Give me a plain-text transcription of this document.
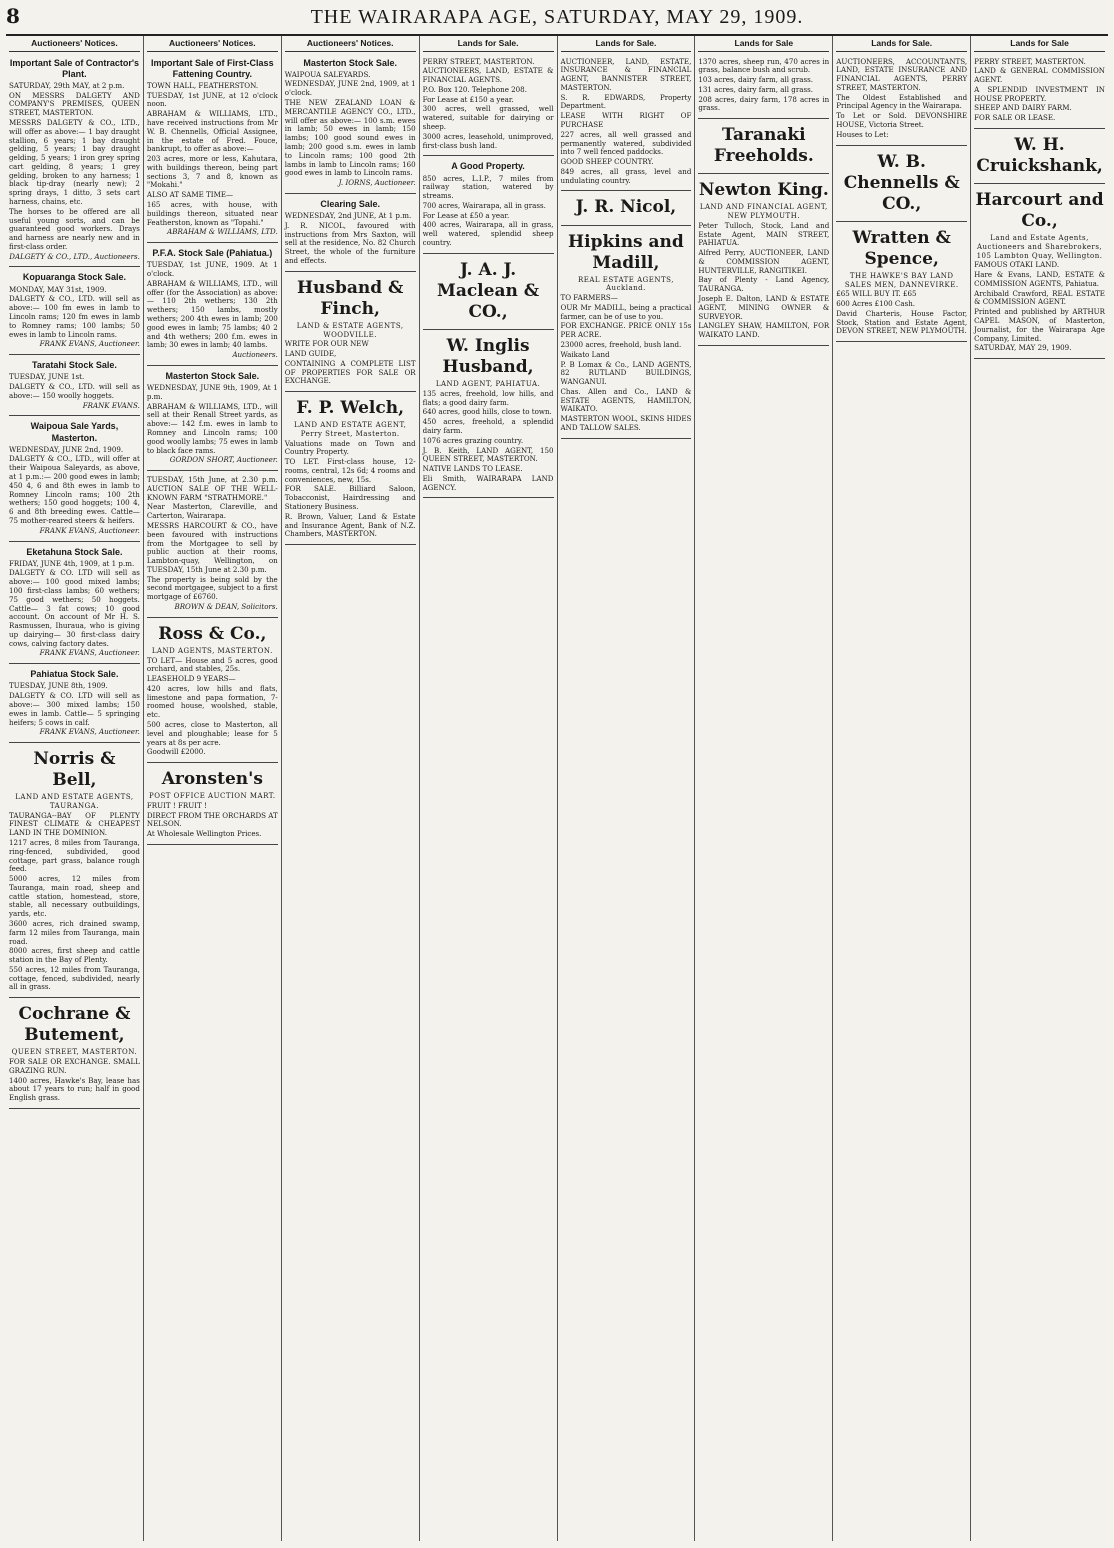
8	THE WAIRARAPA AGE, SATURDAY, MAY 29, 1909.
Auctioneers' Notices.
Important Sale of Contractor's Plant.

SATURDAY, 29th MAY, at 2 p.m.

ON MESSRS DALGETY AND COMPANY'S PREMISES, QUEEN STREET, MASTERTON.

MESSRS DALGETY & CO., LTD., will offer as above:— 1 bay draught stallion, 6 years; 1 bay draught gelding, 5 years; 1 bay draught gelding, 5 years; 1 iron grey spring cart gelding, 8 years; 1 grey gelding, broken to any harness; 1 black tip-dray (nearly new); 2 spring drays, 1 ditto, 3 sets cart harness, chains, etc.

The horses to be offered are all useful young sorts, and can be guaranteed good workers. Drays and harness are nearly new and in first-class order.

DALGETY & CO., LTD., Auctioneers.

Kopuaranga Stock Sale.

MONDAY, MAY 31st, 1909.

DALGETY & CO., LTD. will sell as above:— 100 fm ewes in lamb to Lincoln rams; 120 fm ewes in lamb to Romney rams; 100 lambs; 50 ewes in lamb to Lincoln rams.

FRANK EVANS, Auctioneer.

Taratahi Stock Sale.

TUESDAY, JUNE 1st.

DALGETY & CO., LTD. will sell as above:— 150 woolly hoggets.

FRANK EVANS.

Waipoua Sale Yards, Masterton.

WEDNESDAY, JUNE 2nd, 1909.

DALGETY & CO., LTD., will offer at their Waipoua Saleyards, as above, at 1 p.m.:— 200 good ewes in lamb; 450 4, 6 and 8th ewes in lamb to Romney Lincoln rams; 100 2th wethers; 150 good hoggets; 100 4, 6 and 8th breeding ewes. Cattle— 75 mother-reared steers & heifers.

FRANK EVANS, Auctioneer.

Eketahuna Stock Sale.

FRIDAY, JUNE 4th, 1909, at 1 p.m.

DALGETY & CO. LTD will sell as above:— 100 good mixed lambs; 100 first-class lambs; 60 wethers; 75 good wethers; 50 hoggets. Cattle— 3 fat cows; 10 good account. On account of Mr H. S. Rasmussen, Ihuraua, who is giving up dairying— 30 first-class dairy cows, calving factory dates.

FRANK EVANS, Auctioneer.

Pahiatua Stock Sale.

TUESDAY, JUNE 8th, 1909.

DALGETY & CO. LTD will sell as above:— 300 mixed lambs; 150 ewes in lamb. Cattle— 5 springing heifers; 5 cows in calf.

FRANK EVANS, Auctioneer.

Norris & Bell,
LAND AND ESTATE AGENTS, TAURANGA.

TAURANGA--BAY OF PLENTY FINEST CLIMATE & CHEAPEST LAND IN THE DOMINION.

1217 acres, 8 miles from Tauranga, ring-fenced, subdivided, good cottage, part grass, balance rough feed.

5000 acres, 12 miles from Tauranga, main road, sheep and cattle station, homestead, store, stable, all necessary outbuildings, yards, etc.

3600 acres, rich drained swamp, farm 12 miles from Tauranga, main road.

8000 acres, first sheep and cattle station in the Bay of Plenty.

550 acres, 12 miles from Tauranga, cottage, fenced, subdivided, nearly all in grass.

Cochrane & Butement,
QUEEN STREET, MASTERTON.

FOR SALE OR EXCHANGE. SMALL GRAZING RUN.

1400 acres, Hawke's Bay, lease has about 17 years to run; half in good English grass.

Auctioneers' Notices.
Important Sale of First-Class Fattening Country.

TOWN HALL, FEATHERSTON.

TUESDAY, 1st JUNE, at 12 o'clock noon.

ABRAHAM & WILLIAMS, LTD., have received instructions from Mr W. B. Chennells, Official Assignee, in the estate of Fred. Fouce, bankrupt, to offer as above:—

203 acres, more or less, Kahutara, with buildings thereon, being part sections 3, 7 and 8, known as "Mokahi."

ALSO AT SAME TIME—

165 acres, with house, with buildings thereon, situated near Featherston, known as "Topahi."

ABRAHAM & WILLIAMS, LTD.

P.F.A. Stock Sale (Pahiatua.)

TUESDAY, 1st JUNE, 1909. At 1 o'clock.

ABRAHAM & WILLIAMS, LTD., will offer (for the Association) as above:— 110 2th wethers; 130 2th wethers; 150 lambs, mostly wethers; 200 4th ewes in lamb; 200 good ewes in lamb; 75 lambs; 40 2 and 4th wethers; 200 f.m. ewes in lamb; 30 ewes in lamb; 40 lambs.

Auctioneers.

Masterton Stock Sale.

WEDNESDAY, JUNE 9th, 1909, At 1 p.m.

ABRAHAM & WILLIAMS, LTD., will sell at their Renall Street yards, as above:— 142 f.m. ewes in lamb to Romney and Lincoln rams; 100 good woolly lambs; 75 ewes in lamb to black face rams.

GORDON SHORT, Auctioneer.

TUESDAY, 15th June, at 2.30 p.m. AUCTION SALE OF THE WELL-KNOWN FARM "STRATHMORE."

Near Masterton, Clareville, and Carterton, Wairarapa.

MESSRS HARCOURT & CO., have been favoured with instructions from the Mortgagee to sell by public auction at their rooms, Lambton-quay, Wellington, on TUESDAY, 15th June at 2.30 p.m.

The property is being sold by the second mortgagee, subject to a first mortgage of £6760.

BROWN & DEAN, Solicitors.

Ross & Co.,
LAND AGENTS, MASTERTON.

TO LET— House and 5 acres, good orchard, and stables, 25s.

LEASEHOLD 9 YEARS—

420 acres, low hills and flats, limestone and papa formation, 7-roomed house, woolshed, stable, etc.

500 acres, close to Masterton, all level and ploughable; lease for 5 years at 8s per acre.

Goodwill £2000.

Aronsten's
POST OFFICE AUCTION MART.

FRUIT ! FRUIT !

DIRECT FROM THE ORCHARDS AT NELSON.

At Wholesale Wellington Prices.

Auctioneers' Notices.
Masterton Stock Sale.

WAIPOUA SALEYARDS.

WEDNESDAY, JUNE 2nd, 1909, at 1 o'clock.

THE NEW ZEALAND LOAN & MERCANTILE AGENCY CO., LTD., will offer as above:— 100 s.m. ewes in lamb; 50 ewes in lamb; 150 lambs; 100 good sound ewes in lamb; 200 good s.m. ewes in lamb to Lincoln rams; 100 good 2th lambs in lamb to Lincoln rams; 160 good ewes in lamb to Lincoln rams.

J. IORNS, Auctioneer.

Clearing Sale.

WEDNESDAY, 2nd JUNE, At 1 p.m.

J. R. NICOL, favoured with instructions from Mrs Saxton, will sell at the residence, No. 82 Church Street, the whole of the furniture and effects.

Husband & Finch,
LAND & ESTATE AGENTS, WOODVILLE.

WRITE FOR OUR NEW

LAND GUIDE,

CONTAINING A COMPLETE LIST OF PROPERTIES FOR SALE OR EXCHANGE.

F. P. Welch,
LAND AND ESTATE AGENT, Perry Street, Masterton.

Valuations made on Town and Country Property.

TO LET. First-class house, 12-rooms, central, 12s 6d; 4 rooms and conveniences, new, 15s.

FOR SALE. Billiard Saloon, Tobacconist, Hairdressing and Stationery Business.

R. Brown, Valuer, Land & Estate and Insurance Agent, Bank of N.Z. Chambers, MASTERTON.

Lands for Sale.

PERRY STREET, MASTERTON.

AUCTIONEERS, LAND, ESTATE & FINANCIAL AGENTS.

P.O. Box 120. Telephone 208.

For Lease at £150 a year.

300 acres, well grassed, well watered, suitable for dairying or sheep.

3000 acres, leasehold, unimproved, first-class bush land.

A Good Property.

850 acres, L.I.P., 7 miles from railway station, watered by streams.

700 acres, Wairarapa, all in grass.

For Lease at £50 a year.

400 acres, Wairarapa, all in grass, well watered, splendid sheep country.

J. A. J. Maclean & CO.,
W. Inglis Husband,
LAND AGENT, PAHIATUA.

135 acres, freehold, low hills, and flats; a good dairy farm.

640 acres, good hills, close to town.

450 acres, freehold, a splendid dairy farm.

1076 acres grazing country.

J. B. Keith, LAND AGENT, 150 QUEEN STREET, MASTERTON.

NATIVE LANDS TO LEASE.

Eli Smith, WAIRARAPA LAND AGENCY.

Lands for Sale.

AUCTIONEER, LAND, ESTATE, INSURANCE & FINANCIAL AGENT, BANNISTER STREET, MASTERTON.

S. R. EDWARDS, Property Department.

LEASE WITH RIGHT OF PURCHASE

227 acres, all well grassed and permanently watered, subdivided into 7 well fenced paddocks.

GOOD SHEEP COUNTRY.

849 acres, all grass, level and undulating country.

J. R. Nicol,
Hipkins and Madill,
REAL ESTATE AGENTS, Auckland.

TO FARMERS—

OUR Mr MADILL, being a practical farmer, can be of use to you.

FOR EXCHANGE. PRICE ONLY 15s PER ACRE.

23000 acres, freehold, bush land.

Waikato Land

P. B Lomax & Co., LAND AGENTS, 82 RUTLAND BUILDINGS, WANGANUI.

Chas. Allen and Co., LAND & ESTATE AGENTS, HAMILTON, WAIKATO.

MASTERTON WOOL, SKINS HIDES AND TALLOW SALES.

Lands for Sale

1370 acres, sheep run, 470 acres in grass, balance bush and scrub.

103 acres, dairy farm, all grass.

131 acres, dairy farm, all grass.

208 acres, dairy farm, 178 acres in grass.

Taranaki Freeholds.
Newton King.
LAND AND FINANCIAL AGENT, NEW PLYMOUTH.

Peter Tulloch, Stock, Land and Estate Agent, MAIN STREET, PAHIATUA.

Alfred Perry, AUCTIONEER, LAND & COMMISSION AGENT, HUNTERVILLE, RANGITIKEI.

Bay of Plenty - Land Agency, TAURANGA.

Joseph E. Dalton, LAND & ESTATE AGENT, MINING OWNER & SURVEYOR.

LANGLEY SHAW, HAMILTON, FOR WAIKATO LAND.

Lands for Sale.

AUCTIONEERS, ACCOUNTANTS, LAND, ESTATE INSURANCE AND FINANCIAL AGENTS, PERRY STREET, MASTERTON.

The Oldest Established and Principal Agency in the Wairarapa.

To Let or Sold. DEVONSHIRE HOUSE, Victoria Street.

Houses to Let:

W. B. Chennells & CO.,
Wratten & Spence,
THE HAWKE'S BAY LAND SALES MEN, DANNEVIRKE.

£65 WILL BUY IT. £65

600 Acres £100 Cash.

David Charteris, House Factor, Stock, Station and Estate Agent, DEVON STREET, NEW PLYMOUTH.

Lands for Sale

PERRY STREET, MASTERTON.

LAND & GENERAL COMMISSION AGENT.

A SPLENDID INVESTMENT IN HOUSE PROPERTY.

SHEEP AND DAIRY FARM.

FOR SALE OR LEASE.

W. H. Cruickshank,
Harcourt and Co.,
Land and Estate Agents, Auctioneers and Sharebrokers, 105 Lambton Quay, Wellington.

FAMOUS OTAKI LAND.

Hare & Evans, LAND, ESTATE & COMMISSION AGENTS, Pahiatua.

Archibald Crawford, REAL ESTATE & COMMISSION AGENT.

Printed and published by ARTHUR CAPEL MASON, of Masterton, Journalist, for the Wairarapa Age Company, Limited.

SATURDAY, MAY 29, 1909.
